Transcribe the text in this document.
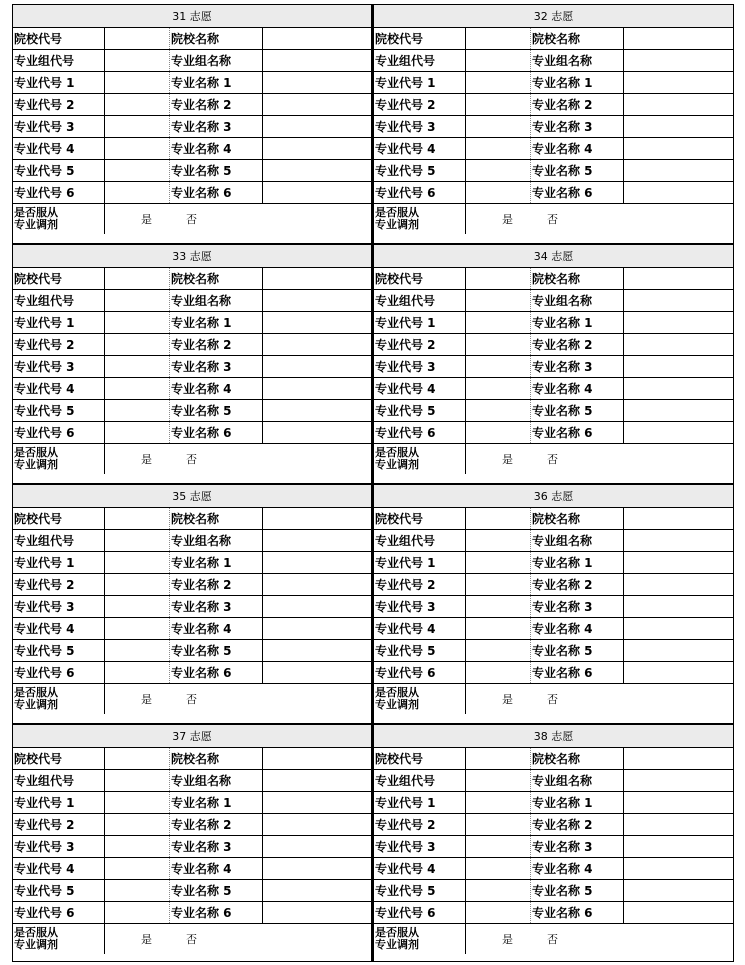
31 志愿
院校代号	院校名称
专业组代号	专业组名称
专业代号 1	专业名称 1
专业代号 2	专业名称 2
专业代号 3	专业名称 3
专业代号 4	专业名称 4
专业代号 5	专业名称 5
专业代号 6	专业名称 6
是否服从
专业调剂	是	否
32 志愿
院校代号	院校名称
专业组代号	专业组名称
专业代号 1	专业名称 1
专业代号 2	专业名称 2
专业代号 3	专业名称 3
专业代号 4	专业名称 4
专业代号 5	专业名称 5
专业代号 6	专业名称 6
是否服从
专业调剂	是	否
33 志愿
院校代号	院校名称
专业组代号	专业组名称
专业代号 1	专业名称 1
专业代号 2	专业名称 2
专业代号 3	专业名称 3
专业代号 4	专业名称 4
专业代号 5	专业名称 5
专业代号 6	专业名称 6
是否服从
专业调剂	是	否
34 志愿
院校代号	院校名称
专业组代号	专业组名称
专业代号 1	专业名称 1
专业代号 2	专业名称 2
专业代号 3	专业名称 3
专业代号 4	专业名称 4
专业代号 5	专业名称 5
专业代号 6	专业名称 6
是否服从
专业调剂	是	否
35 志愿
院校代号	院校名称
专业组代号	专业组名称
专业代号 1	专业名称 1
专业代号 2	专业名称 2
专业代号 3	专业名称 3
专业代号 4	专业名称 4
专业代号 5	专业名称 5
专业代号 6	专业名称 6
是否服从
专业调剂	是	否
36 志愿
院校代号	院校名称
专业组代号	专业组名称
专业代号 1	专业名称 1
专业代号 2	专业名称 2
专业代号 3	专业名称 3
专业代号 4	专业名称 4
专业代号 5	专业名称 5
专业代号 6	专业名称 6
是否服从
专业调剂	是	否
37 志愿
院校代号	院校名称
专业组代号	专业组名称
专业代号 1	专业名称 1
专业代号 2	专业名称 2
专业代号 3	专业名称 3
专业代号 4	专业名称 4
专业代号 5	专业名称 5
专业代号 6	专业名称 6
是否服从
专业调剂	是	否
38 志愿
院校代号	院校名称
专业组代号	专业组名称
专业代号 1	专业名称 1
专业代号 2	专业名称 2
专业代号 3	专业名称 3
专业代号 4	专业名称 4
专业代号 5	专业名称 5
专业代号 6	专业名称 6
是否服从
专业调剂	是	否
